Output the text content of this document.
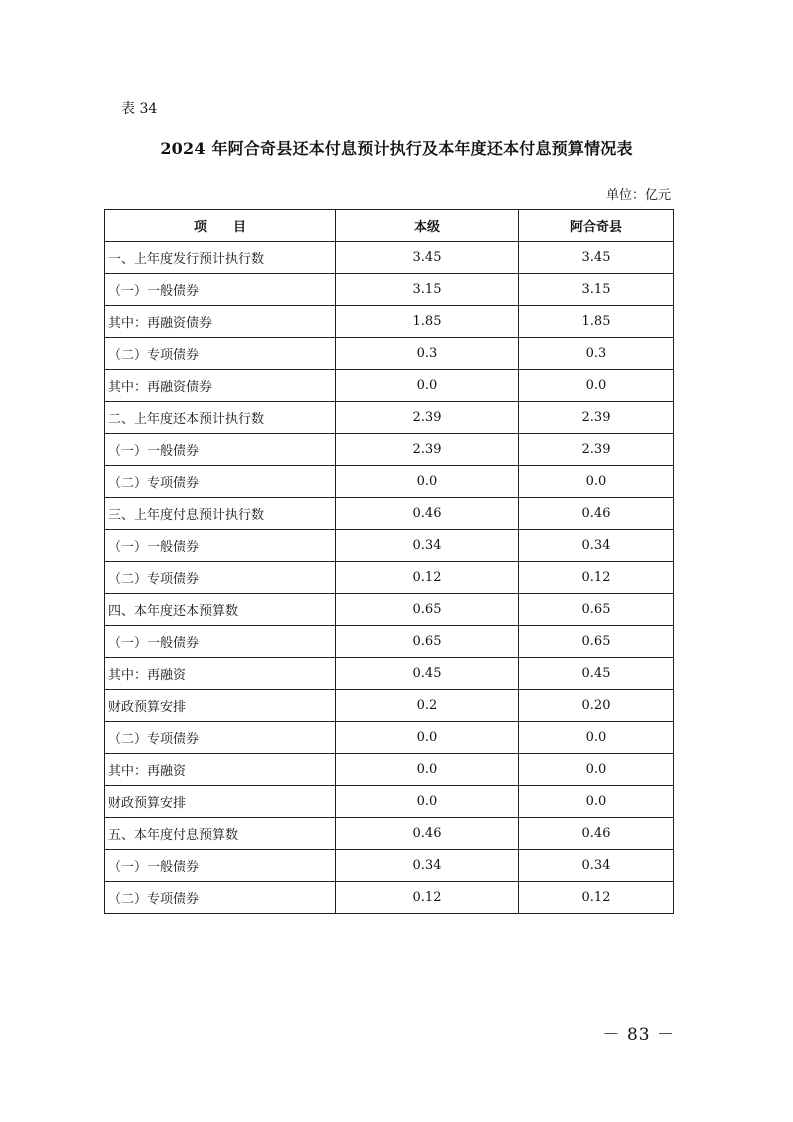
表 34
2024 年阿合奇县还本付息预计执行及本年度还本付息预算情况表
单位：亿元
项　　目	本级	阿合奇县
一、上年度发行预计执行数	3.45	3.45
（一）一般债券	3.15	3.15
其中：再融资债券	1.85	1.85
（二）专项债券	0.3	0.3
其中：再融资债券	0.0	0.0
二、上年度还本预计执行数	2.39	2.39
（一）一般债券	2.39	2.39
（二）专项债券	0.0	0.0
三、上年度付息预计执行数	0.46	0.46
（一）一般债券	0.34	0.34
（二）专项债券	0.12	0.12
四、本年度还本预算数	0.65	0.65
（一）一般债券	0.65	0.65
其中：再融资	0.45	0.45
财政预算安排	0.2	0.20
（二）专项债券	0.0	0.0
其中：再融资	0.0	0.0
财政预算安排	0.0	0.0
五、本年度付息预算数	0.46	0.46
（一）一般债券	0.34	0.34
（二）专项债券	0.12	0.12
－ 83 －
